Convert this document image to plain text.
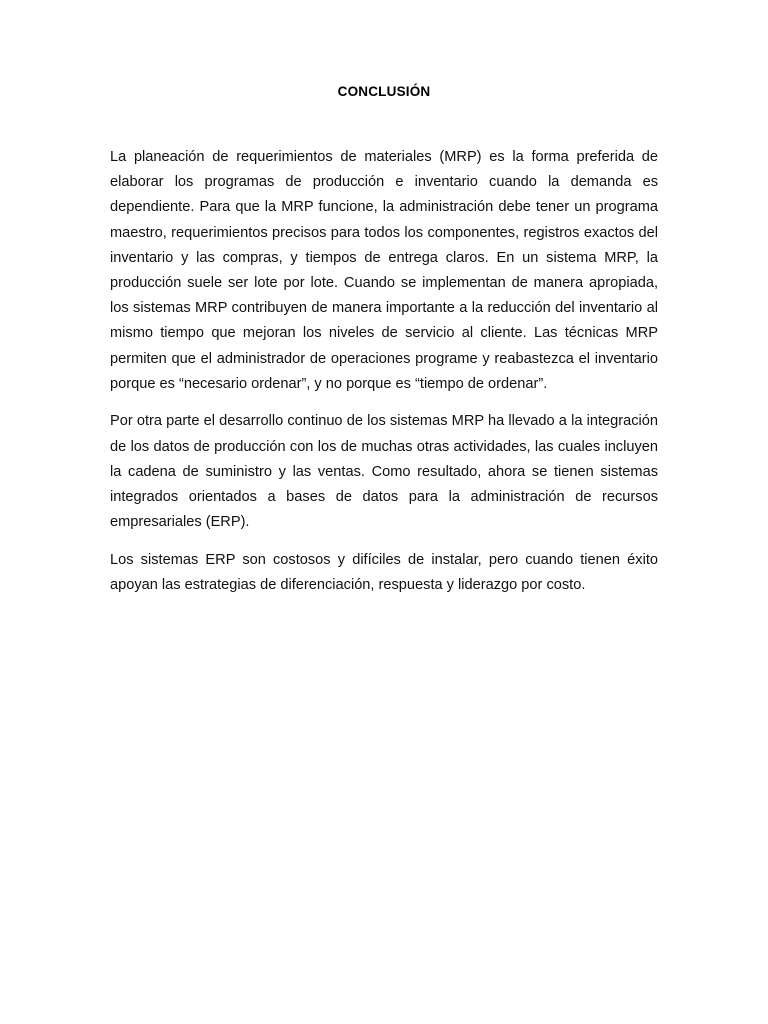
CONCLUSIÓN

La planeación de requerimientos de materiales (MRP) es la forma preferida de elaborar los programas de producción e inventario cuando la demanda es dependiente. Para que la MRP funcione, la administración debe tener un programa maestro, requerimientos precisos para todos los componentes, registros exactos del inventario y las compras, y tiempos de entrega claros. En un sistema MRP, la producción suele ser lote por lote. Cuando se implementan de manera apropiada, los sistemas MRP contribuyen de manera importante a la reducción del inventario al mismo tiempo que mejoran los niveles de servicio al cliente. Las técnicas MRP permiten que el administrador de operaciones programe y reabastezca el inventario porque es “necesario ordenar”, y no porque es “tiempo de ordenar”.

Por otra parte el desarrollo continuo de los sistemas MRP ha llevado a la integración de los datos de producción con los de muchas otras actividades, las cuales incluyen la cadena de suministro y las ventas. Como resultado, ahora se tienen sistemas integrados orientados a bases de datos para la administración de recursos empresariales (ERP).

Los sistemas ERP son costosos y difíciles de instalar, pero cuando tienen éxito apoyan las estrategias de diferenciación, respuesta y liderazgo por costo.
